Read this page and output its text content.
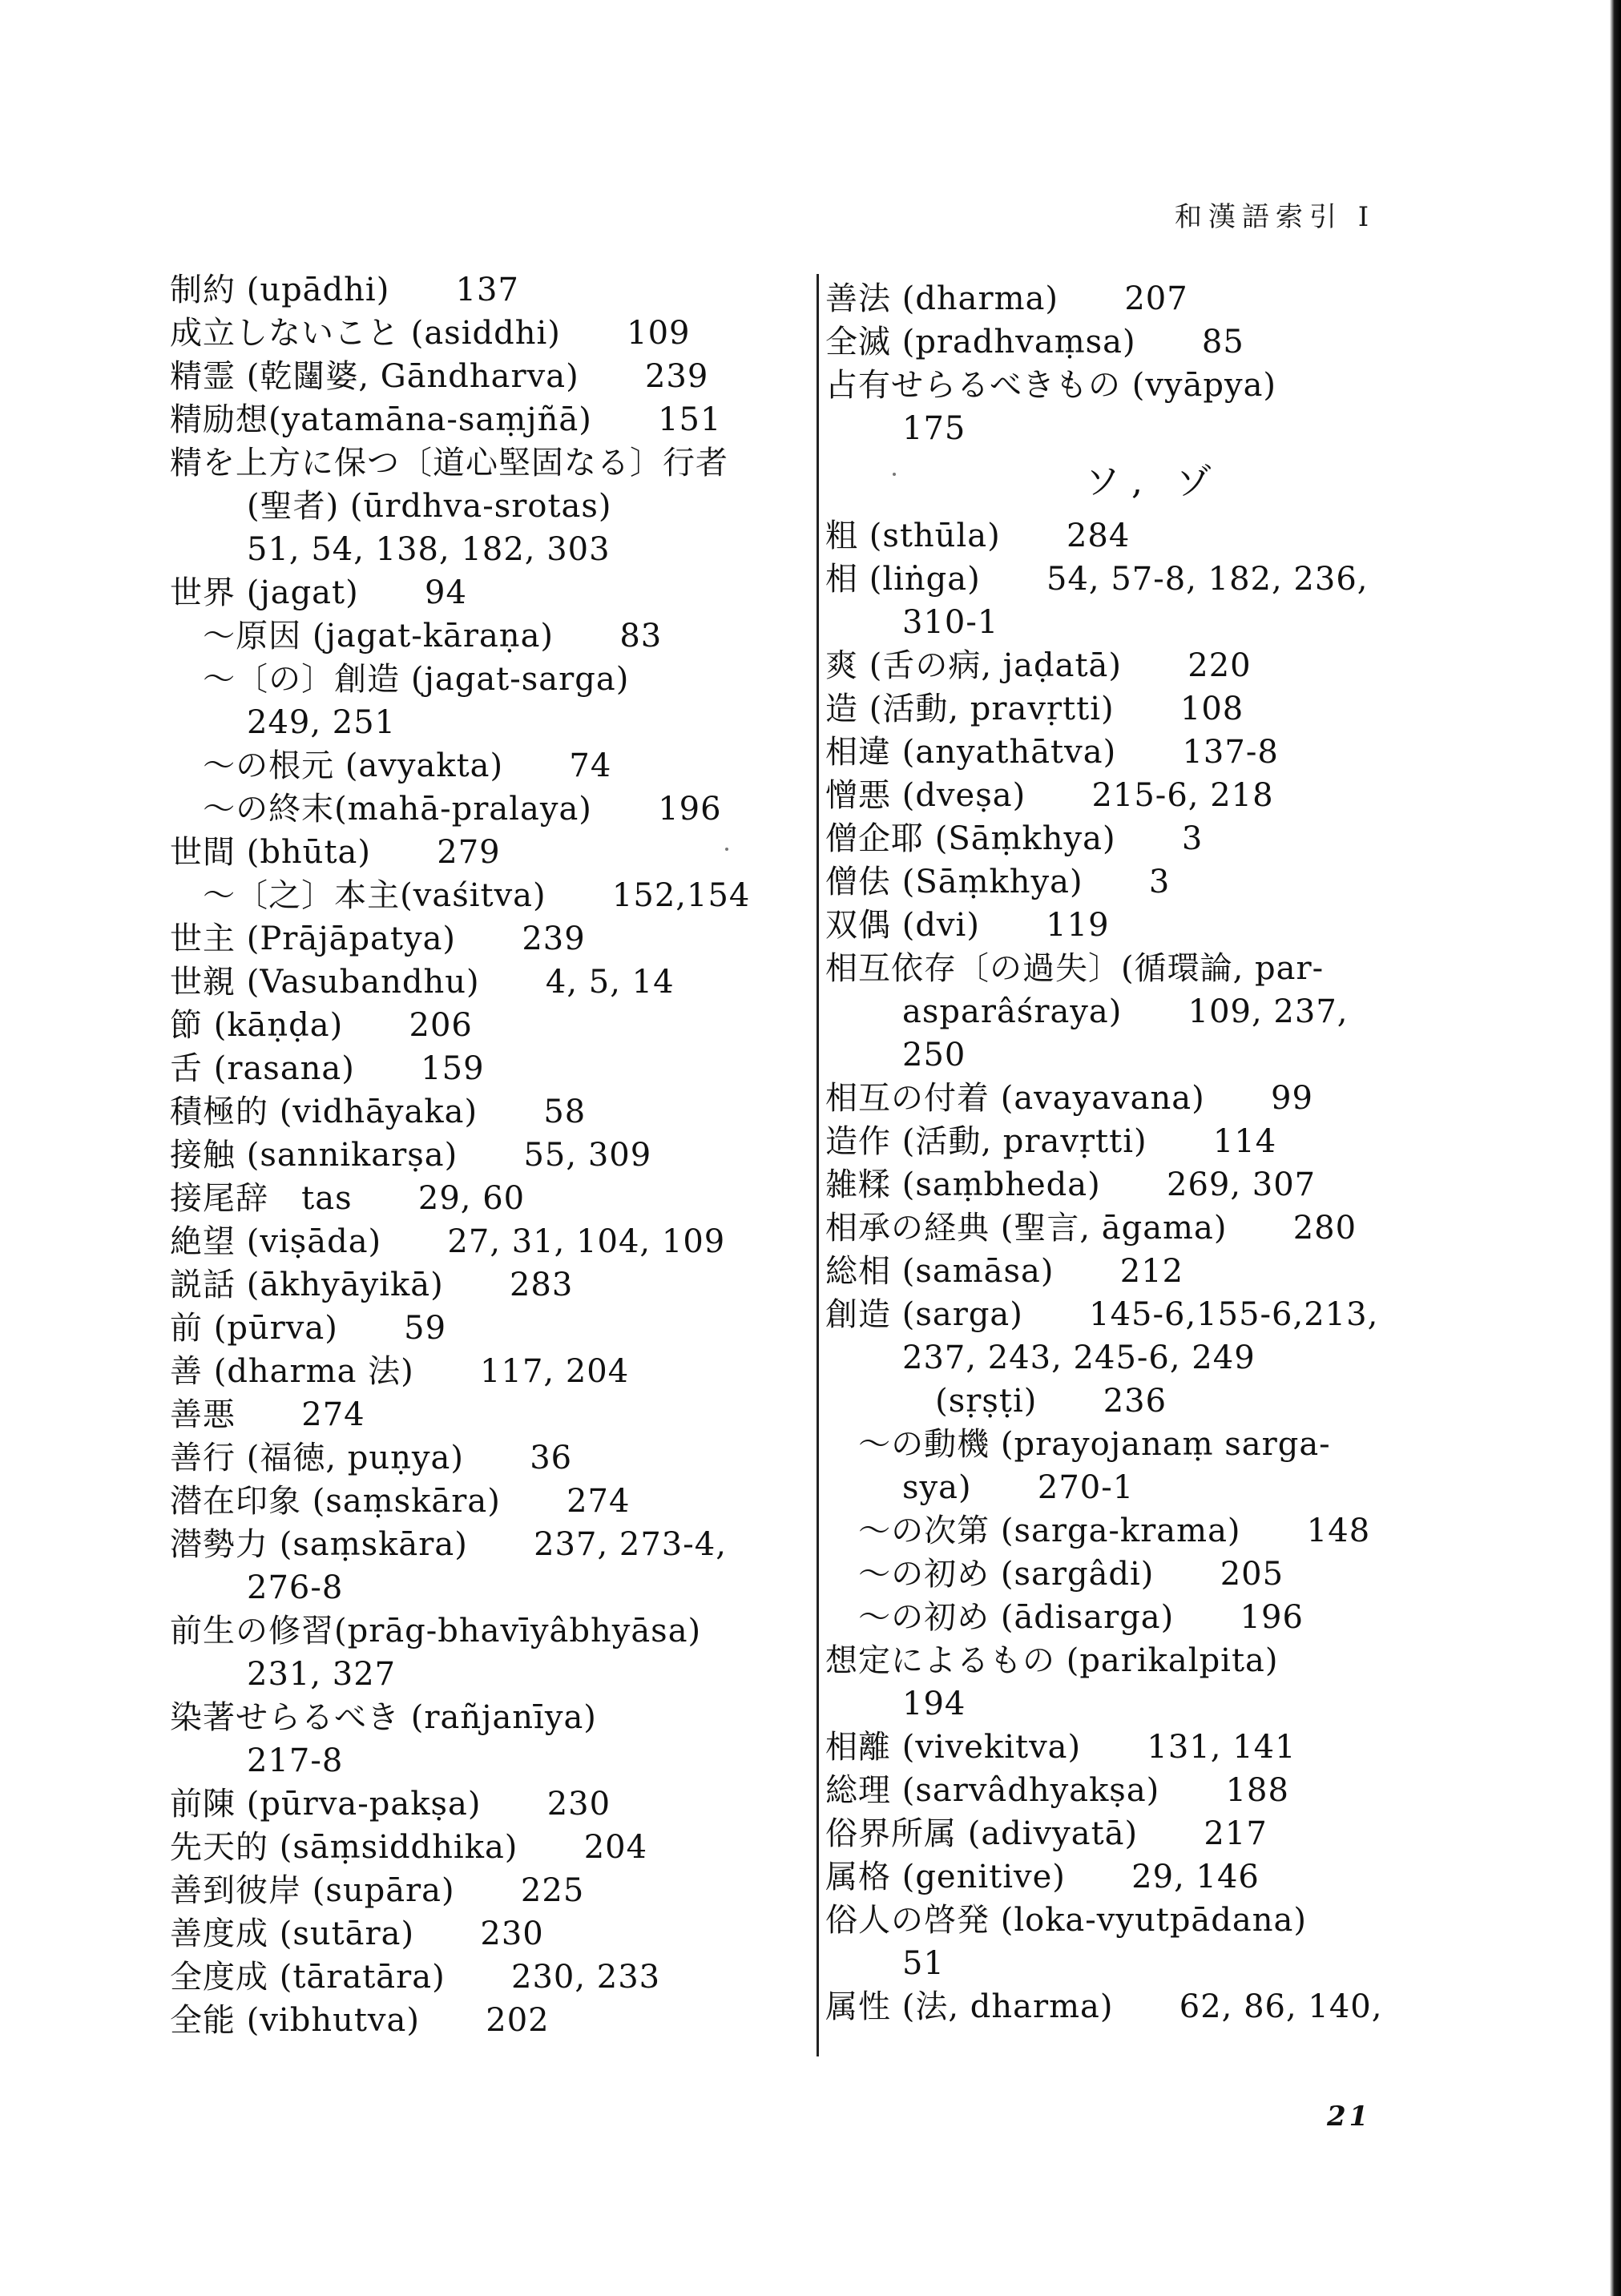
和漢語索引 Ⅰ
制約 (upādhi)      137
成立しないこと (asiddhi)      109
精霊 (乾闥婆, Gāndharva)      239
精励想(yatamāna-saṃjñā)      151
精を上方に保つ〔道心堅固なる〕行者
(聖者) (ūrdhva-srotas)
51, 54, 138, 182, 303
世界 (jagat)      94
～原因 (jagat-kāraṇa)      83
～〔の〕創造 (jagat-sarga)
249, 251
～の根元 (avyakta)      74
～の終末(mahā-pralaya)      196
世間 (bhūta)      279
～〔之〕本主(vaśitva)      152,154
世主 (Prājāpatya)      239
世親 (Vasubandhu)      4, 5, 14
節 (kāṇḍa)      206
舌 (rasana)      159
積極的 (vidhāyaka)      58
接触 (sannikarṣa)      55, 309
接尾辞   tas      29, 60
絶望 (viṣāda)      27, 31, 104, 109
説話 (ākhyāyikā)      283
前 (pūrva)      59
善 (dharma 法)      117, 204
善悪      274
善行 (福徳, puṇya)      36
潜在印象 (saṃskāra)      274
潜勢力 (saṃskāra)      237, 273-4,
276-8
前生の修習(prāg-bhavīyâbhyāsa)
231, 327
染著せらるべき (rañjanīya)
217-8
前陳 (pūrva-pakṣa)      230
先天的 (sāṃsiddhika)      204
善到彼岸 (supāra)      225
善度成 (sutāra)      230
全度成 (tāratāra)      230, 233
全能 (vibhutva)      202
善法 (dharma)      207
全滅 (pradhvaṃsa)      85
占有せらるべきもの (vyāpya)
175
ソ, ゾ
粗 (sthūla)      284
相 (liṅga)      54, 57-8, 182, 236,
310-1
爽 (舌の病, jaḍatā)      220
造 (活動, pravṛtti)      108
相違 (anyathātva)      137-8
憎悪 (dveṣa)      215-6, 218
僧企耶 (Sāṃkhya)      3
僧佉 (Sāṃkhya)      3
双偶 (dvi)      119
相互依存〔の過失〕(循環論, par-
asparâśraya)      109, 237,
250
相互の付着 (avayavana)      99
造作 (活動, pravṛtti)      114
雑糅 (saṃbheda)      269, 307
相承の経典 (聖言, āgama)      280
総相 (samāsa)      212
創造 (sarga)      145-6,155-6,213,
237, 243, 245-6, 249
(sṛṣṭi)      236
～の動機 (prayojanaṃ sarga-
sya)      270-1
～の次第 (sarga-krama)      148
～の初め (sargâdi)      205
～の初め (ādisarga)      196
想定によるもの (parikalpita)
194
相離 (vivekitva)      131, 141
総理 (sarvâdhyakṣa)      188
俗界所属 (adivyatā)      217
属格 (genitive)      29, 146
俗人の啓発 (loka-vyutpādana)
51
属性 (法, dharma)      62, 86, 140,
21
